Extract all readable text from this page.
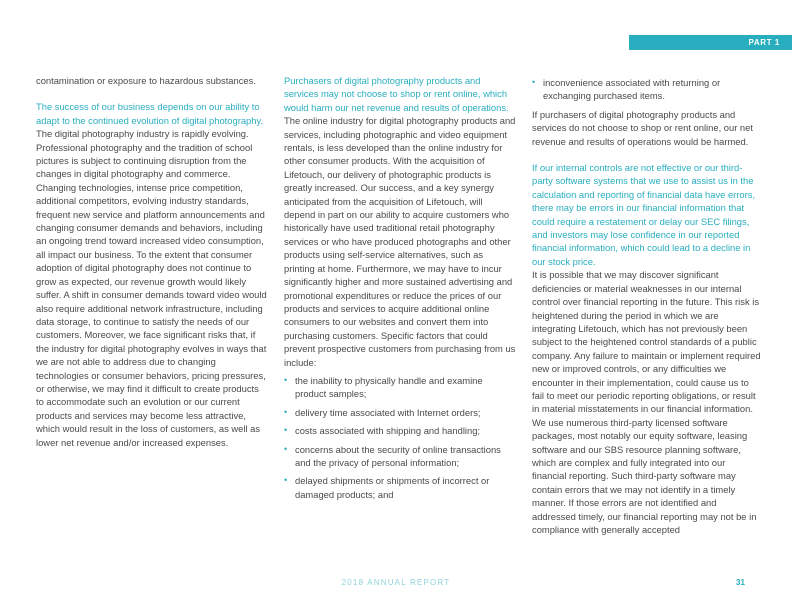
PART 1

contamination or exposure to hazardous substances.

The success of our business depends on our ability to adapt to the continued evolution of digital photography.

The digital photography industry is rapidly evolving. Professional photography and the tradition of school pictures is subject to continuing disruption from the changes in digital photography and commerce. Changing technologies, intense price competition, additional competitors, evolving industry standards, frequent new service and platform announcements and changing consumer demands and behaviors, including an ongoing trend toward increased video consumption, all impact our business. To the extent that consumer adoption of digital photography does not continue to grow as expected, our revenue growth would likely suffer. A shift in consumer demands toward video would also require additional network infrastructure, including data storage, to continue to satisfy the needs of our customers. Moreover, we face significant risks that, if the industry for digital photography evolves in ways that we are not able to address due to changing technologies or consumer behaviors, pricing pressures, or otherwise, we may find it difficult to create products to accommodate such an evolution or our current products and services may become less attractive, which would result in the loss of customers, as well as lower net revenue and/or increased expenses.

Purchasers of digital photography products and services may not choose to shop or rent online, which would harm our net revenue and results of operations.

The online industry for digital photography products and services, including photographic and video equipment rentals, is less developed than the online industry for other consumer products. With the acquisition of Lifetouch, our delivery of photographic products is greatly increased. Our success, and a key synergy anticipated from the acquisition of Lifetouch, will depend in part on our ability to acquire customers who historically have used traditional retail photography services or who have produced photographs and other products using self-service alternatives, such as printing at home. Furthermore, we may have to incur significantly higher and more sustained advertising and promotional expenditures or reduce the prices of our products and services to acquire additional online consumers to our websites and convert them into purchasing customers. Specific factors that could prevent prospective customers from purchasing from us include:

• the inability to physically handle and examine product samples;
• delivery time associated with Internet orders;
• costs associated with shipping and handling;
• concerns about the security of online transactions and the privacy of personal information;
• delayed shipments or shipments of incorrect or damaged products; and
• inconvenience associated with returning or exchanging purchased items.

If purchasers of digital photography products and services do not choose to shop or rent online, our net revenue and results of operations would be harmed.

If our internal controls are not effective or our third-party software systems that we use to assist us in the calculation and reporting of financial data have errors, there may be errors in our financial information that could require a restatement or delay our SEC filings, and investors may lose confidence in our reported financial information, which could lead to a decline in our stock price.

It is possible that we may discover significant deficiencies or material weaknesses in our internal control over financial reporting in the future. This risk is heightened during the period in which we are integrating Lifetouch, which has not previously been subject to the heightened control standards of a public company. Any failure to maintain or implement required new or improved controls, or any difficulties we encounter in their implementation, could cause us to fail to meet our periodic reporting obligations, or result in material misstatements in our financial information. We use numerous third-party licensed software packages, most notably our equity software, leasing software and our SBS resource planning software, which are complex and fully integrated into our financial reporting. Such third-party software may contain errors that we may not identify in a timely manner. If those errors are not identified and addressed timely, our financial reporting may not be in compliance with generally accepted

2018 ANNUAL REPORT	31
